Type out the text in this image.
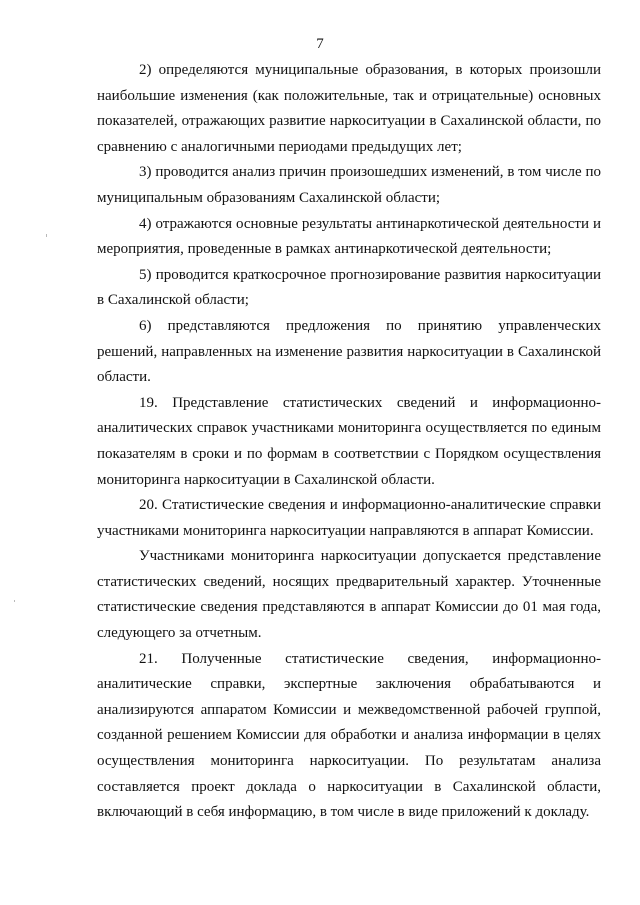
7

2) определяются муниципальные образования, в которых произошли наибольшие изменения (как положительные, так и отрицательные) основных показателей, отражающих развитие наркоситуации в Сахалинской области, по сравнению с аналогичными периодами предыдущих лет;

3) проводится анализ причин произошедших изменений, в том числе по муниципальным образованиям Сахалинской области;

4) отражаются основные результаты антинаркотической деятельности и мероприятия, проведенные в рамках антинаркотической деятельности;

5) проводится краткосрочное прогнозирование развития наркоситуации в Сахалинской области;

6) представляются предложения по принятию управленческих решений, направленных на изменение развития наркоситуации в Сахалинской области.

19. Представление статистических сведений и информационно-аналитических справок участниками мониторинга осуществляется по единым показателям в сроки и по формам в соответствии с Порядком осуществления мониторинга наркоситуации в Сахалинской области.

20. Статистические сведения и информационно-аналитические справки участниками мониторинга наркоситуации направляются в аппарат Комиссии.

Участниками мониторинга наркоситуации допускается представление статистических сведений, носящих предварительный характер. Уточненные статистические сведения представляются в аппарат Комиссии до 01 мая года, следующего за отчетным.

21. Полученные статистические сведения, информационно-аналитические справки, экспертные заключения обрабатываются и анализируются аппаратом Комиссии и межведомственной рабочей группой, созданной решением Комиссии для обработки и анализа информации в целях осуществления мониторинга наркоситуации. По результатам анализа составляется проект доклада о наркоситуации в Сахалинской области, включающий в себя информацию, в том числе в виде приложений к докладу.
